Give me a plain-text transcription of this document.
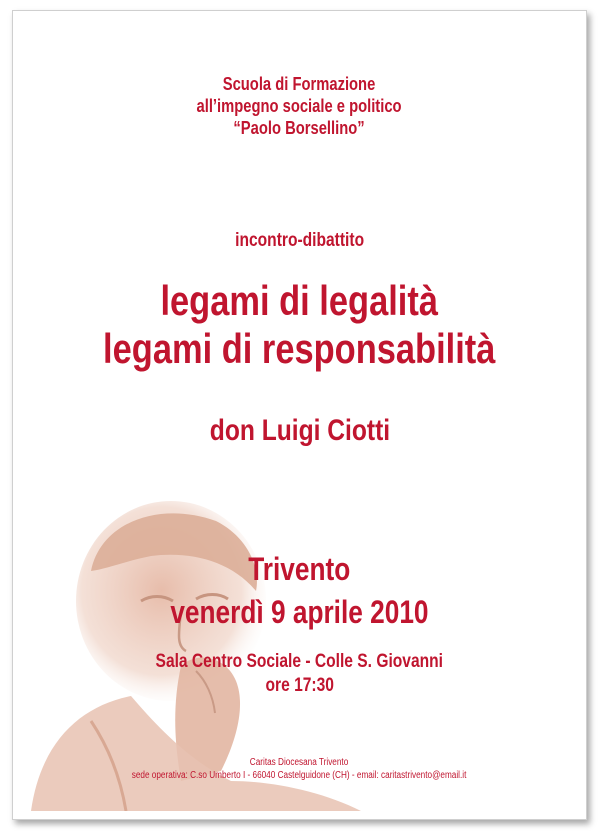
Scuola di Formazione
all’impegno sociale e politico
“Paolo Borsellino”
incontro-dibattito
legami di legalità
legami di responsabilità
don Luigi Ciotti
Trivento
venerdì 9 aprile 2010
Sala Centro Sociale - Colle S. Giovanni
ore 17:30
Caritas Diocesana Trivento
sede operativa: C.so Umberto I - 66040 Castelguidone (CH) - email: caritastrivento@email.it
